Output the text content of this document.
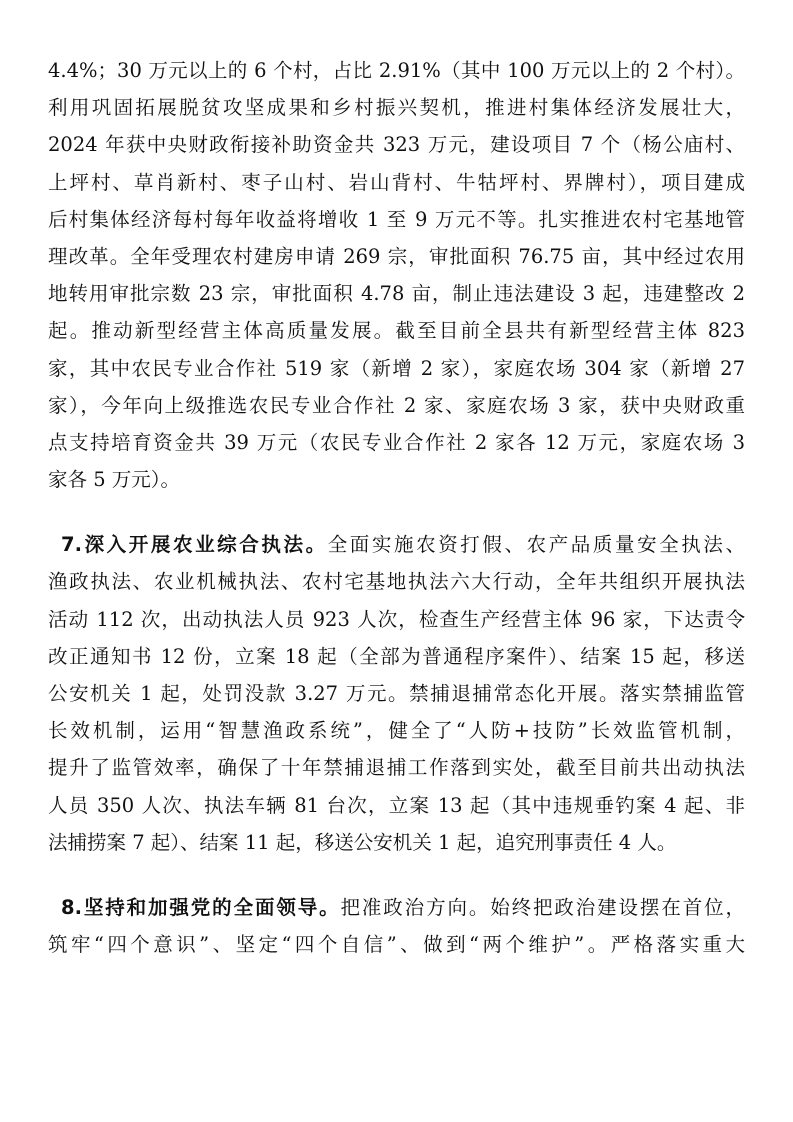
4.4%；30 万元以上的 6 个村，占比 2.91%（其中 100 万元以上的 2 个村）。
利用巩固拓展脱贫攻坚成果和乡村振兴契机，推进村集体经济发展壮大，
2024 年获中央财政衔接补助资金共 323 万元，建设项目 7 个（杨公庙村、
上坪村、草肖新村、枣子山村、岩山背村、牛牯坪村、界牌村），项目建成
后村集体经济每村每年收益将增收 1 至 9 万元不等。扎实推进农村宅基地管
理改革。全年受理农村建房申请 269 宗，审批面积 76.75 亩，其中经过农用
地转用审批宗数 23 宗，审批面积 4.78 亩，制止违法建设 3 起，违建整改 2
起。推动新型经营主体高质量发展。截至目前全县共有新型经营主体 823
家，其中农民专业合作社 519 家（新增 2 家），家庭农场 304 家（新增 27
家），今年向上级推选农民专业合作社 2 家、家庭农场 3 家，获中央财政重
点支持培育资金共 39 万元（农民专业合作社 2 家各 12 万元，家庭农场 3
家各 5 万元）。
7.深入开展农业综合执法。全面实施农资打假、农产品质量安全执法、
渔政执法、农业机械执法、农村宅基地执法六大行动，全年共组织开展执法
活动 112 次，出动执法人员 923 人次，检查生产经营主体 96 家，下达责令
改正通知书 12 份，立案 18 起（全部为普通程序案件）、结案 15 起，移送
公安机关 1 起，处罚没款 3.27 万元。禁捕退捕常态化开展。落实禁捕监管
长效机制，运用“智慧渔政系统”，健全了“人防+技防”长效监管机制，
提升了监管效率，确保了十年禁捕退捕工作落到实处，截至目前共出动执法
人员 350 人次、执法车辆 81 台次，立案 13 起（其中违规垂钓案 4 起、非
法捕捞案 7 起）、结案 11 起，移送公安机关 1 起，追究刑事责任 4 人。
8.坚持和加强党的全面领导。把准政治方向。始终把政治建设摆在首位，
筑牢“四个意识”、坚定“四个自信”、做到“两个维护”。严格落实重大
